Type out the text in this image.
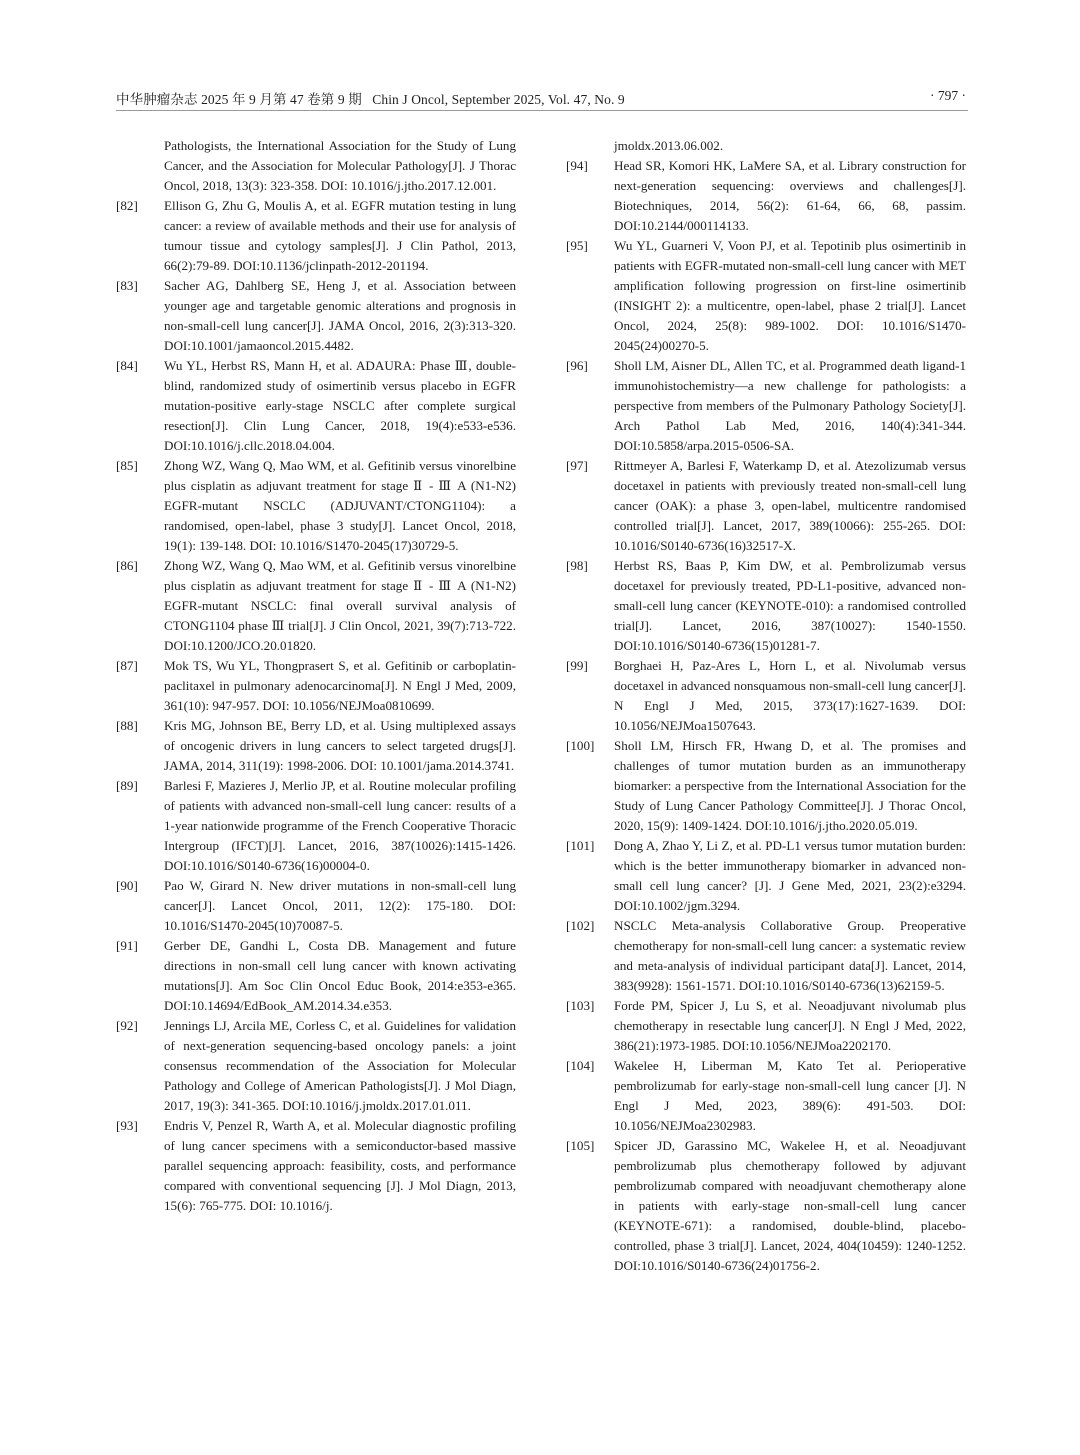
中华肿瘤杂志 2025 年 9 月第 47 卷第 9 期 Chin J Oncol, September 2025, Vol. 47, No. 9	· 797 ·
Pathologists, the International Association for the Study of Lung Cancer, and the Association for Molecular Pathology[J]. J Thorac Oncol, 2018, 13(3): 323-358. DOI: 10.1016/j.jtho.2017.12.001.
[82]	Ellison G, Zhu G, Moulis A, et al. EGFR mutation testing in lung cancer: a review of available methods and their use for analysis of tumour tissue and cytology samples[J]. J Clin Pathol, 2013, 66(2):79-89. DOI:10.1136/jclinpath-2012-201194.
[83]	Sacher AG, Dahlberg SE, Heng J, et al. Association between younger age and targetable genomic alterations and prognosis in non-small-cell lung cancer[J]. JAMA Oncol, 2016, 2(3):313-320. DOI:10.1001/jamaoncol.2015.4482.
[84]	Wu YL, Herbst RS, Mann H, et al. ADAURA: Phase Ⅲ, double-blind, randomized study of osimertinib versus placebo in EGFR mutation-positive early-stage NSCLC after complete surgical resection[J]. Clin Lung Cancer, 2018, 19(4):e533-e536. DOI:10.1016/j.cllc.2018.04.004.
[85]	Zhong WZ, Wang Q, Mao WM, et al. Gefitinib versus vinorelbine plus cisplatin as adjuvant treatment for stage Ⅱ - Ⅲ A (N1-N2) EGFR-mutant NSCLC (ADJUVANT/CTONG1104): a randomised, open-label, phase 3 study[J]. Lancet Oncol, 2018, 19(1): 139-148. DOI: 10.1016/S1470-2045(17)30729-5.
[86]	Zhong WZ, Wang Q, Mao WM, et al. Gefitinib versus vinorelbine plus cisplatin as adjuvant treatment for stage Ⅱ - Ⅲ A (N1-N2) EGFR-mutant NSCLC: final overall survival analysis of CTONG1104 phase Ⅲ trial[J]. J Clin Oncol, 2021, 39(7):713-722. DOI:10.1200/JCO.20.01820.
[87]	Mok TS, Wu YL, Thongprasert S, et al. Gefitinib or carboplatin-paclitaxel in pulmonary adenocarcinoma[J]. N Engl J Med, 2009, 361(10): 947-957. DOI: 10.1056/NEJMoa0810699.
[88]	Kris MG, Johnson BE, Berry LD, et al. Using multiplexed assays of oncogenic drivers in lung cancers to select targeted drugs[J]. JAMA, 2014, 311(19): 1998-2006. DOI: 10.1001/jama.2014.3741.
[89]	Barlesi F, Mazieres J, Merlio JP, et al. Routine molecular profiling of patients with advanced non-small-cell lung cancer: results of a 1-year nationwide programme of the French Cooperative Thoracic Intergroup (IFCT)[J]. Lancet, 2016, 387(10026):1415-1426. DOI:10.1016/S0140-6736(16)00004-0.
[90]	Pao W, Girard N. New driver mutations in non-small-cell lung cancer[J]. Lancet Oncol, 2011, 12(2): 175-180. DOI: 10.1016/S1470-2045(10)70087-5.
[91]	Gerber DE, Gandhi L, Costa DB. Management and future directions in non-small cell lung cancer with known activating mutations[J]. Am Soc Clin Oncol Educ Book, 2014:e353-e365. DOI:10.14694/EdBook_AM.2014.34.e353.
[92]	Jennings LJ, Arcila ME, Corless C, et al. Guidelines for validation of next-generation sequencing-based oncology panels: a joint consensus recommendation of the Association for Molecular Pathology and College of American Pathologists[J]. J Mol Diagn, 2017, 19(3): 341-365. DOI:10.1016/j.jmoldx.2017.01.011.
[93]	Endris V, Penzel R, Warth A, et al. Molecular diagnostic profiling of lung cancer specimens with a semiconductor-based massive parallel sequencing approach: feasibility, costs, and performance compared with conventional sequencing [J]. J Mol Diagn, 2013, 15(6): 765-775. DOI: 10.1016/j.
jmoldx.2013.06.002.
[94]	Head SR, Komori HK, LaMere SA, et al. Library construction for next-generation sequencing: overviews and challenges[J]. Biotechniques, 2014, 56(2): 61-64, 66, 68, passim. DOI:10.2144/000114133.
[95]	Wu YL, Guarneri V, Voon PJ, et al. Tepotinib plus osimertinib in patients with EGFR-mutated non-small-cell lung cancer with MET amplification following progression on first-line osimertinib (INSIGHT 2): a multicentre, open-label, phase 2 trial[J]. Lancet Oncol, 2024, 25(8): 989-1002. DOI: 10.1016/S1470-2045(24)00270-5.
[96]	Sholl LM, Aisner DL, Allen TC, et al. Programmed death ligand-1 immunohistochemistry—a new challenge for pathologists: a perspective from members of the Pulmonary Pathology Society[J]. Arch Pathol Lab Med, 2016, 140(4):341-344. DOI:10.5858/arpa.2015-0506-SA.
[97]	Rittmeyer A, Barlesi F, Waterkamp D, et al. Atezolizumab versus docetaxel in patients with previously treated non-small-cell lung cancer (OAK): a phase 3, open-label, multicentre randomised controlled trial[J]. Lancet, 2017, 389(10066): 255-265. DOI: 10.1016/S0140-6736(16)32517-X.
[98]	Herbst RS, Baas P, Kim DW, et al. Pembrolizumab versus docetaxel for previously treated, PD-L1-positive, advanced non-small-cell lung cancer (KEYNOTE-010): a randomised controlled trial[J]. Lancet, 2016, 387(10027): 1540-1550. DOI:10.1016/S0140-6736(15)01281-7.
[99]	Borghaei H, Paz-Ares L, Horn L, et al. Nivolumab versus docetaxel in advanced nonsquamous non-small-cell lung cancer[J]. N Engl J Med, 2015, 373(17):1627-1639. DOI: 10.1056/NEJMoa1507643.
[100]	Sholl LM, Hirsch FR, Hwang D, et al. The promises and challenges of tumor mutation burden as an immunotherapy biomarker: a perspective from the International Association for the Study of Lung Cancer Pathology Committee[J]. J Thorac Oncol, 2020, 15(9): 1409-1424. DOI:10.1016/j.jtho.2020.05.019.
[101]	Dong A, Zhao Y, Li Z, et al. PD-L1 versus tumor mutation burden: which is the better immunotherapy biomarker in advanced non-small cell lung cancer? [J]. J Gene Med, 2021, 23(2):e3294. DOI:10.1002/jgm.3294.
[102]	NSCLC Meta-analysis Collaborative Group. Preoperative chemotherapy for non-small-cell lung cancer: a systematic review and meta-analysis of individual participant data[J]. Lancet, 2014, 383(9928): 1561-1571. DOI:10.1016/S0140-6736(13)62159-5.
[103]	Forde PM, Spicer J, Lu S, et al. Neoadjuvant nivolumab plus chemotherapy in resectable lung cancer[J]. N Engl J Med, 2022, 386(21):1973-1985. DOI:10.1056/NEJMoa2202170.
[104]	Wakelee H, Liberman M, Kato Tet al. Perioperative pembrolizumab for early-stage non-small-cell lung cancer [J]. N Engl J Med, 2023, 389(6): 491-503. DOI: 10.1056/NEJMoa2302983.
[105]	Spicer JD, Garassino MC, Wakelee H, et al. Neoadjuvant pembrolizumab plus chemotherapy followed by adjuvant pembrolizumab compared with neoadjuvant chemotherapy alone in patients with early-stage non-small-cell lung cancer (KEYNOTE-671): a randomised, double-blind, placebo-controlled, phase 3 trial[J]. Lancet, 2024, 404(10459): 1240-1252. DOI:10.1016/S0140-6736(24)01756-2.
